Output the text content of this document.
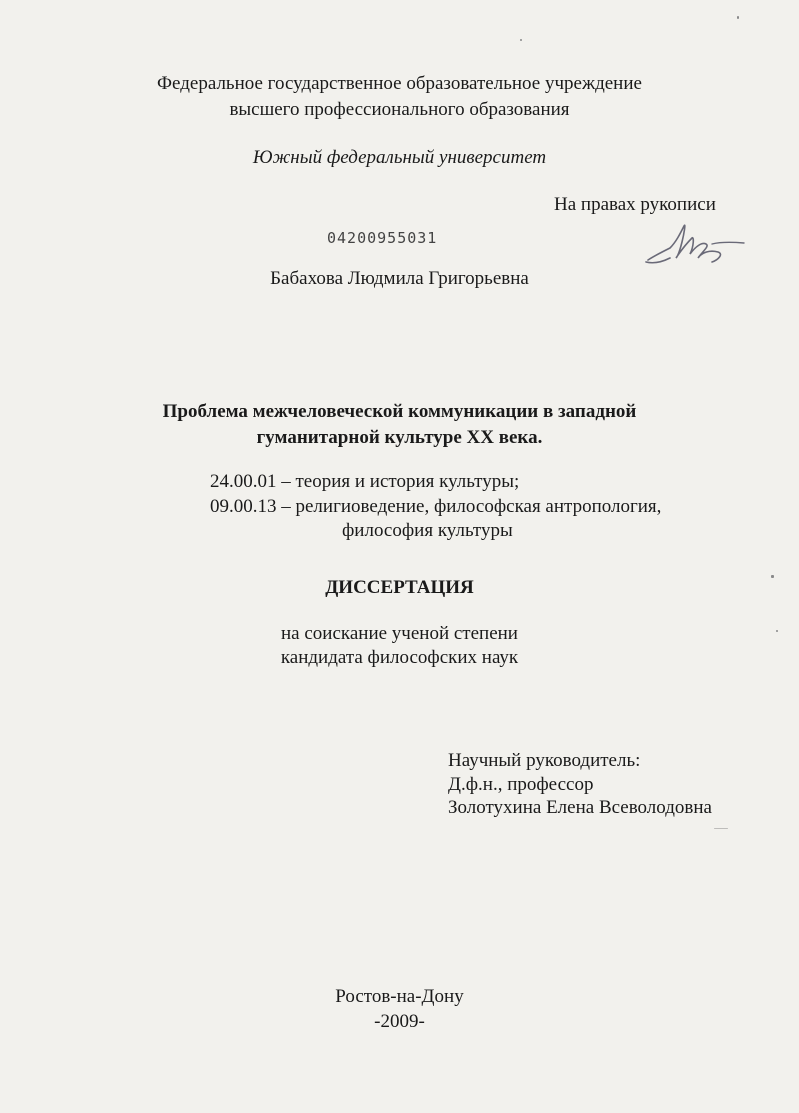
Федеральное государственное образовательное учреждение
высшего профессионального образования
Южный федеральный университет
На правах рукописи
04200955031
Бабахова Людмила Григорьевна
Проблема межчеловеческой коммуникации в западной
гуманитарной культуре XX века.
24.00.01 – теория и история культуры;
09.00.13 – религиоведение, философская антропология,
философия культуры
ДИССЕРТАЦИЯ
на соискание ученой степени
кандидата философских наук
Научный руководитель:
Д.ф.н., профессор
Золотухина Елена Всеволодовна
Ростов-на-Дону
-2009-
